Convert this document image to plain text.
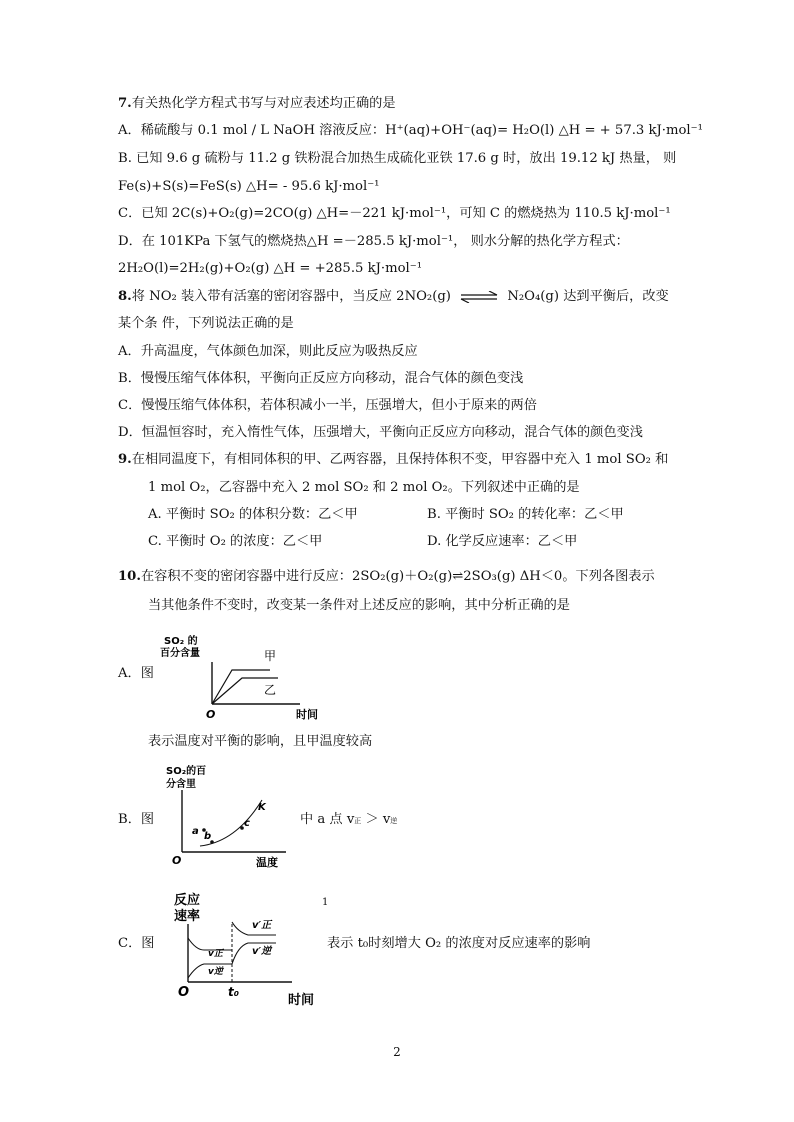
7.有关热化学方程式书写与对应表述均正确的是
A．稀硫酸与 0.1 mol / L NaOH 溶液反应：H⁺(aq)+OH⁻(aq)= H₂O(l) △H = + 57.3 kJ·mol⁻¹
B. 已知 9.6 g 硫粉与 11.2 g 铁粉混合加热生成硫化亚铁 17.6 g 时，放出 19.12 kJ 热量， 则
Fe(s)+S(s)=FeS(s) △H= - 95.6 kJ·mol⁻¹
C．已知 2C(s)+O₂(g)=2CO(g) △H=－221 kJ·mol⁻¹，可知 C 的燃烧热为 110.5 kJ·mol⁻¹
D．在 101KPa 下氢气的燃烧热△H =－285.5 kJ·mol⁻¹， 则水分解的热化学方程式：
2H₂O(l)=2H₂(g)+O₂(g) △H = +285.5 kJ·mol⁻¹
8.将 NO₂ 装入带有活塞的密闭容器中，当反应 2NO₂(g) ⇌ N₂O₄(g) 达到平衡后，改变
某个条 件，下列说法正确的是
A．升高温度，气体颜色加深，则此反应为吸热反应
B．慢慢压缩气体体积，平衡向正反应方向移动，混合气体的颜色变浅
C．慢慢压缩气体体积，若体积减小一半，压强增大，但小于原来的两倍
D．恒温恒容时，充入惰性气体，压强增大，平衡向正反应方向移动，混合气体的颜色变浅
9.在相同温度下，有相同体积的甲、乙两容器，且保持体积不变，甲容器中充入 1 mol SO₂ 和
1 mol O₂，乙容器中充入 2 mol SO₂ 和 2 mol O₂。下列叙述中正确的是
A. 平衡时 SO₂ 的体积分数：乙＜甲	B. 平衡时 SO₂ 的转化率：乙＜甲
C. 平衡时 O₂ 的浓度：乙＜甲	D. 化学反应速率：乙＜甲
10.在容积不变的密闭容器中进行反应：2SO₂(g)＋O₂(g)⇌2SO₃(g) ΔH＜0。下列各图表示
当其他条件不变时，改变某一条件对上述反应的影响，其中分析正确的是
A．图
SO₂ 的
百分含量	甲
乙
O	时间
表示温度对平衡的影响，且甲温度较高
B．图
SO₂的百
分含里
a b
c
K
O	温度
中 a 点 v正 ＞ v逆
1
C．图
反应
速率
v正
v逆
v′正
v′逆
O	t₀
时间
表示 t₀时刻增大 O₂ 的浓度对反应速率的影响
2
